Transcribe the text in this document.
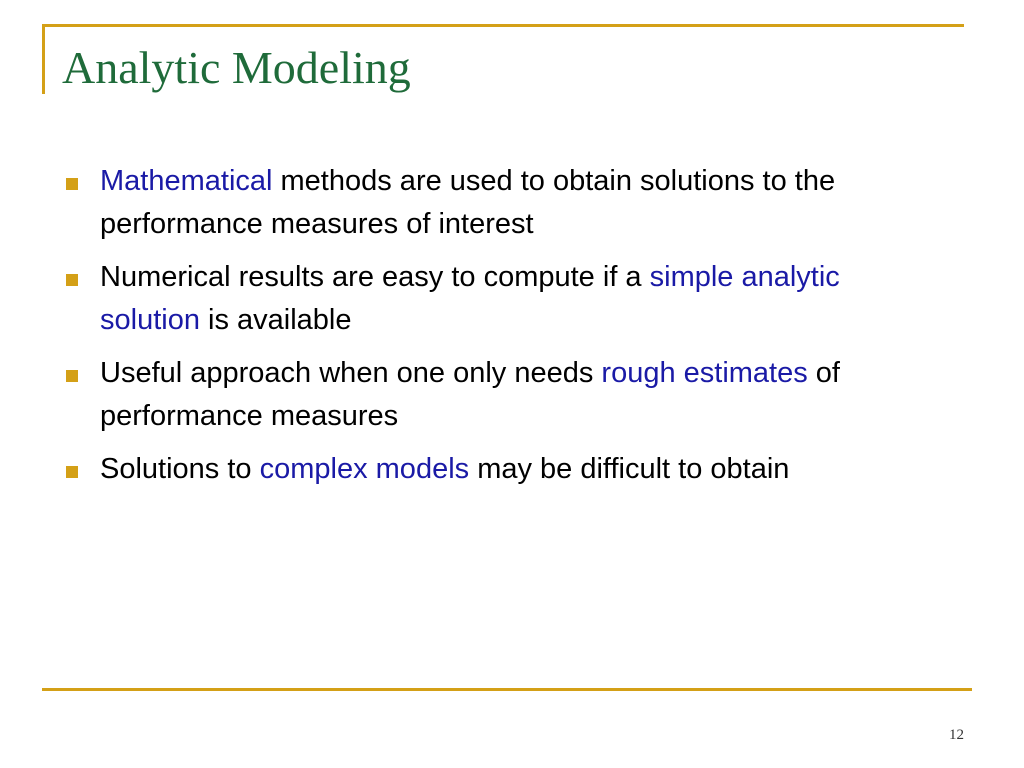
Analytic Modeling
Mathematical methods are used to obtain solutions to the performance measures of interest
Numerical results are easy to compute if a simple analytic solution is available
Useful approach when one only needs rough estimates of performance measures
Solutions to complex models may be difficult to obtain
12
